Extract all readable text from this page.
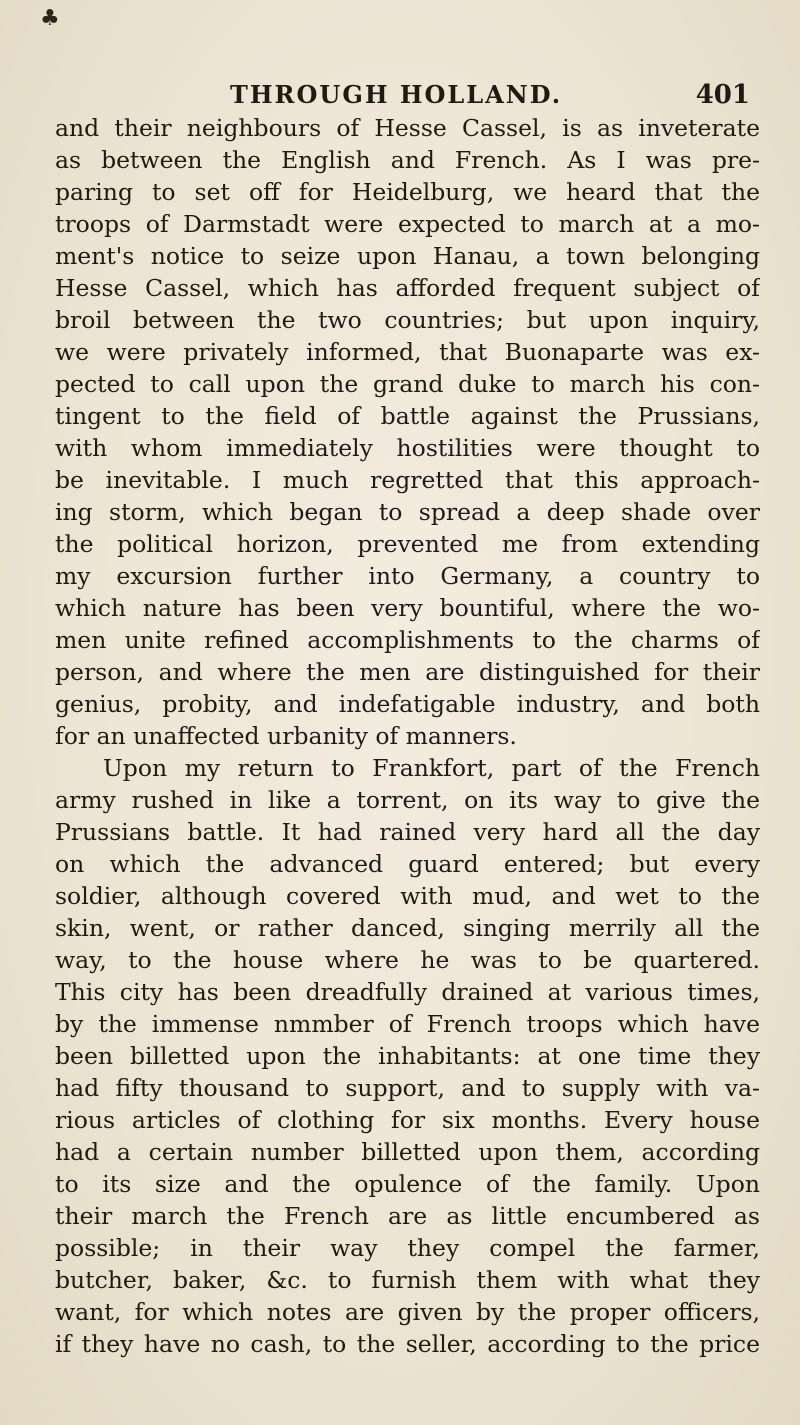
♣
THROUGH HOLLAND.	401
and their neighbours of Hesse Cassel, is as inveterate
as between the English and French. As I was pre-
paring to set off for Heidelburg, we heard that the
troops of Darmstadt were expected to march at a mo-
ment's notice to seize upon Hanau, a town belonging
Hesse Cassel, which has afforded frequent subject of
broil between the two countries; but upon inquiry,
we were privately informed, that Buonaparte was ex-
pected to call upon the grand duke to march his con-
tingent to the field of battle against the Prussians,
with whom immediately hostilities were thought to
be inevitable. I much regretted that this approach-
ing storm, which began to spread a deep shade over
the political horizon, prevented me from extending
my excursion further into Germany, a country to
which nature has been very bountiful, where the wo-
men unite refined accomplishments to the charms of
person, and where the men are distinguished for their
genius, probity, and indefatigable industry, and both
for an unaffected urbanity of manners.
Upon my return to Frankfort, part of the French
army rushed in like a torrent, on its way to give the
Prussians battle. It had rained very hard all the day
on which the advanced guard entered; but every
soldier, although covered with mud, and wet to the
skin, went, or rather danced, singing merrily all the
way, to the house where he was to be quartered.
This city has been dreadfully drained at various times,
by the immense nmmber of French troops which have
been billetted upon the inhabitants: at one time they
had fifty thousand to support, and to supply with va-
rious articles of clothing for six months. Every house
had a certain number billetted upon them, according
to its size and the opulence of the family. Upon
their march the French are as little encumbered as
possible; in their way they compel the farmer,
butcher, baker, &c. to furnish them with what they
want, for which notes are given by the proper officers,
if they have no cash, to the seller, according to the price
